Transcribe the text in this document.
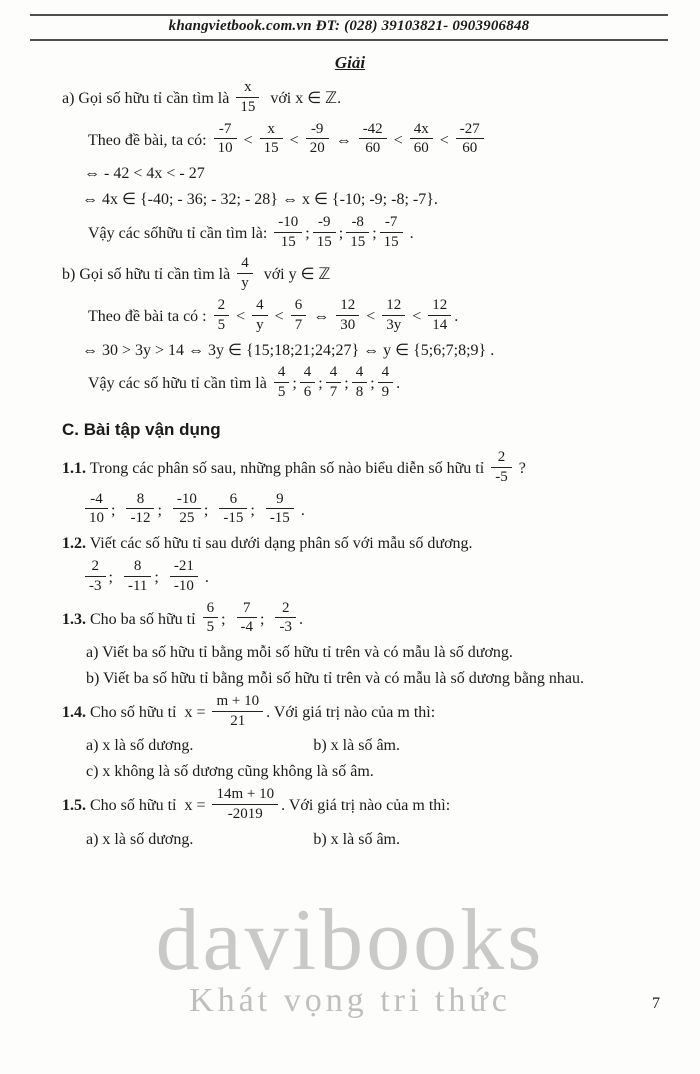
khangvietbook.com.vn ĐT: (028) 39103821- 0903906848
Giải
a) Gọi số hữu tỉ cần tìm là $\frac{x}{15}$ với x ∈ ℤ.
Theo đề bài, ta có: $\frac{-7}{10} < \frac{x}{15} < \frac{-9}{20}$ ⇔ $\frac{-42}{60} < \frac{4x}{60} < \frac{-27}{60}$
⇔ - 42 < 4x < - 27
⇔ 4x ∈ {-40; - 36; - 32; - 28} ⇔ x ∈ {-10; -9; -8; -7}.
Vậy các sốhữu tỉ cần tìm là: $\frac{-10}{15}$ ; $\frac{-9}{15}$ ; $\frac{-8}{15}$ ; $\frac{-7}{15}$ .
b) Gọi số hữu tỉ cần tìm là $\frac{4}{y}$ với y ∈ ℤ
Theo đề bài ta có : $\frac{2}{5} < \frac{4}{y} < \frac{6}{7}$ ⇔ $\frac{12}{30} < \frac{12}{3y} < \frac{12}{14}$ .
⇔ 30 > 3y > 14 ⇔ 3y ∈ {15;18;21;24;27} ⇔ y ∈ {5;6;7;8;9} .
Vậy các số hữu tỉ cần tìm là $\frac{4}{5}$ ; $\frac{4}{6}$ ; $\frac{4}{7}$ ; $\frac{4}{8}$ ; $\frac{4}{9}$ .
C. Bài tập vận dụng
1.1. Trong các phân số sau, những phân số nào biểu diễn số hữu tỉ $\frac{2}{-5}$ ?
$\frac{-4}{10}$ ; $\frac{8}{-12}$ ; $\frac{-10}{25}$ ; $\frac{6}{-15}$ ; $\frac{9}{-15}$ .
1.2. Viết các số hữu tỉ sau dưới dạng phân số với mẫu số dương.
$\frac{2}{-3}$ ; $\frac{8}{-11}$ ; $\frac{-21}{-10}$ .
1.3. Cho ba số hữu tỉ $\frac{6}{5}$ ; $\frac{7}{-4}$ ; $\frac{2}{-3}$ .
a) Viết ba số hữu tỉ bằng mỗi số hữu tỉ trên và có mẫu là số dương.
b) Viết ba số hữu tỉ bằng mỗi số hữu tỉ trên và có mẫu là số dương bằng nhau.
1.4. Cho số hữu tỉ  $x = \frac{m + 10}{21}$ . Với giá trị nào của m thì:
a) x là số dương.	b) x là số âm.
c) x không là số dương cũng không là số âm.
1.5. Cho số hữu tỉ  $x = \frac{14m + 10}{-2019}$ . Với giá trị nào của m thì:
a) x là số dương.	b) x là số âm.
davibooks
Khát vọng tri thức	7
